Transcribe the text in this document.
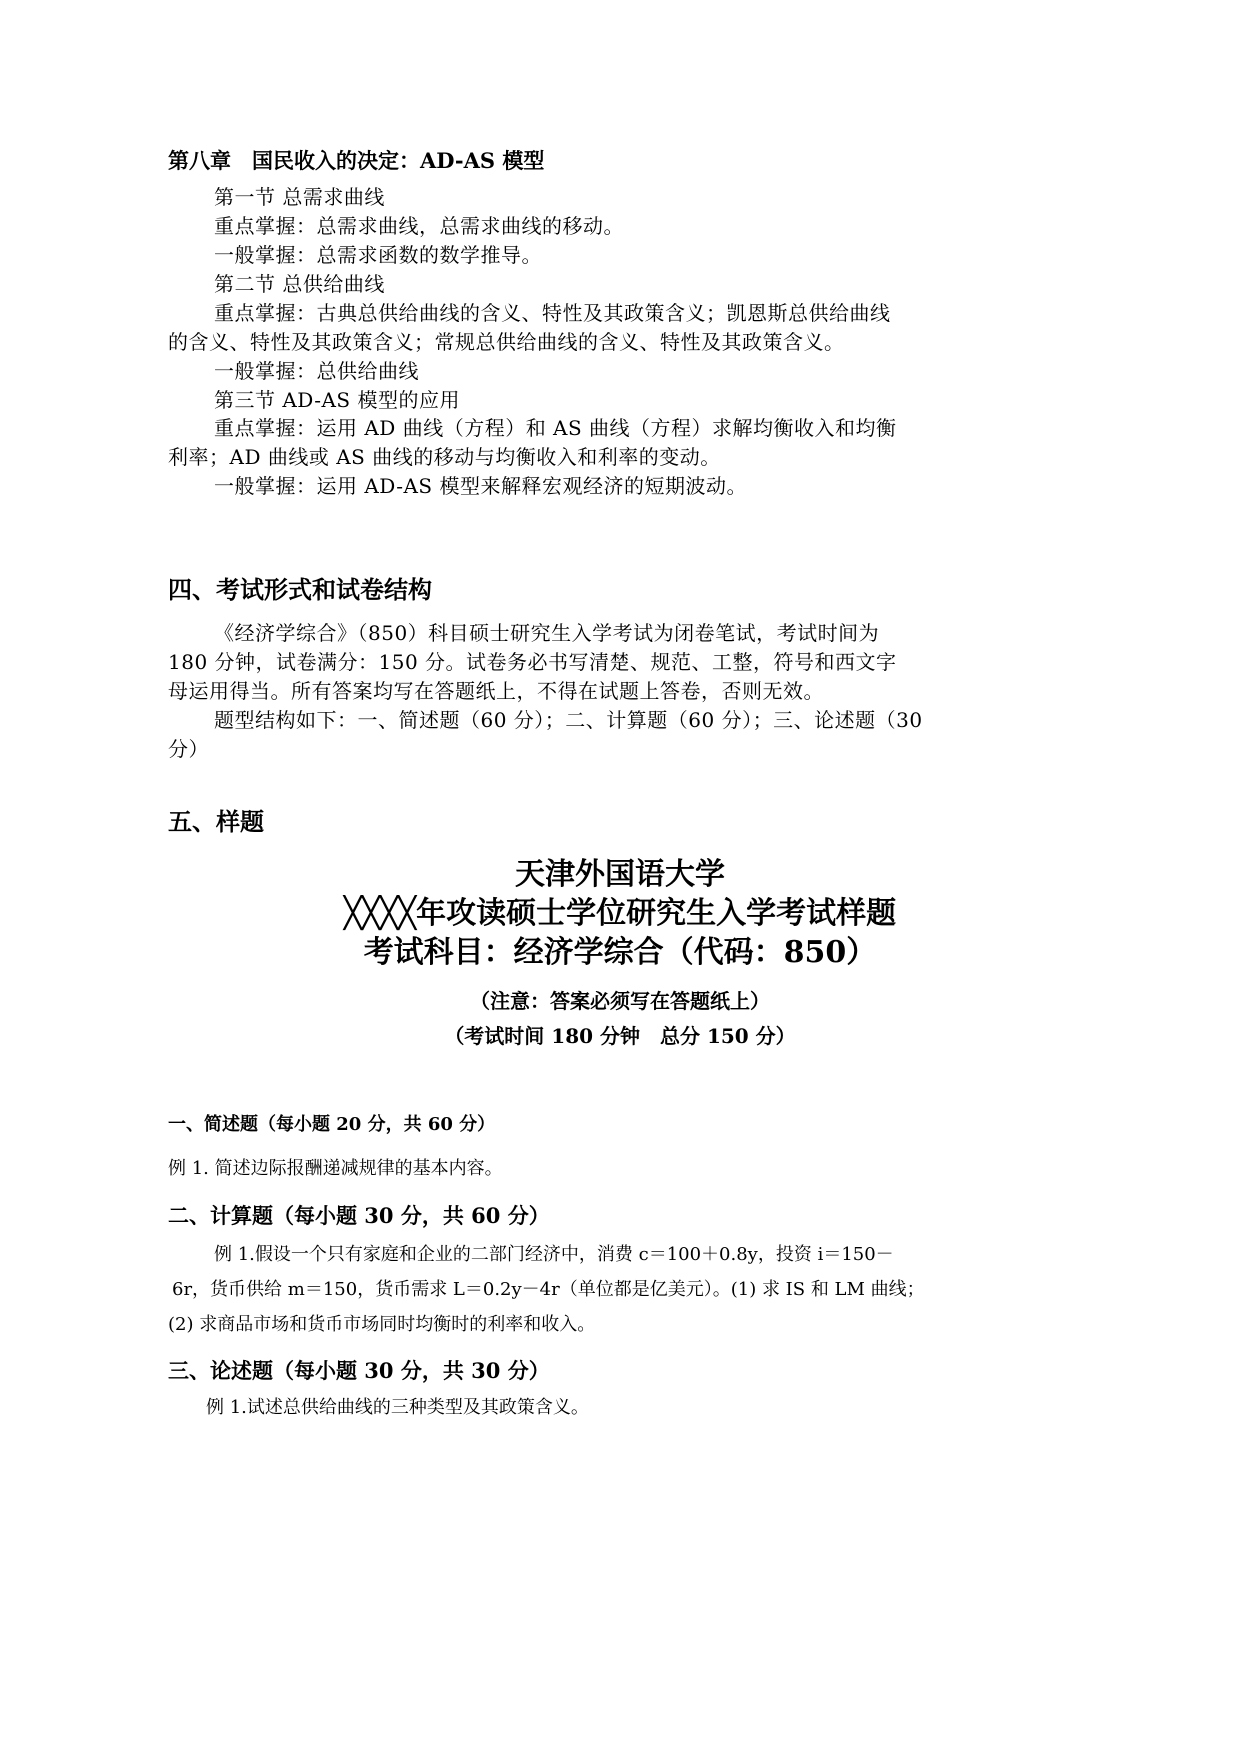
第八章　国民收入的决定：AD-AS 模型
第一节 总需求曲线
重点掌握：总需求曲线，总需求曲线的移动。
一般掌握：总需求函数的数学推导。
第二节 总供给曲线
重点掌握：古典总供给曲线的含义、特性及其政策含义；凯恩斯总供给曲线
的含义、特性及其政策含义；常规总供给曲线的含义、特性及其政策含义。
一般掌握：总供给曲线
第三节 AD-AS 模型的应用
重点掌握：运用 AD 曲线（方程）和 AS 曲线（方程）求解均衡收入和均衡
利率；AD 曲线或 AS 曲线的移动与均衡收入和利率的变动。
一般掌握：运用 AD-AS 模型来解释宏观经济的短期波动。
四、考试形式和试卷结构
《经济学综合》（850）科目硕士研究生入学考试为闭卷笔试，考试时间为
180 分钟，试卷满分：150 分。试卷务必书写清楚、规范、工整，符号和西文字
母运用得当。所有答案均写在答题纸上，不得在试题上答卷，否则无效。
题型结构如下：一、简述题（60 分）；二、计算题（60 分）；三、论述题（30
分）
五、样题
天津外国语大学
╳╳╳╳年攻读硕士学位研究生入学考试样题
考试科目：经济学综合（代码：850）
（注意：答案必须写在答题纸上）
（考试时间 180 分钟　总分 150 分）
一、简述题（每小题 20 分，共 60 分）
例 1. 简述边际报酬递减规律的基本内容。
二、计算题（每小题 30 分，共 60 分）
例 1.假设一个只有家庭和企业的二部门经济中，消费 c＝100＋0.8y，投资 i＝150－
6r，货币供给 m＝150，货币需求 L＝0.2y－4r（单位都是亿美元）。(1) 求 IS 和 LM 曲线；
(2) 求商品市场和货币市场同时均衡时的利率和收入。
三、论述题（每小题 30 分，共 30 分）
例 1.试述总供给曲线的三种类型及其政策含义。
